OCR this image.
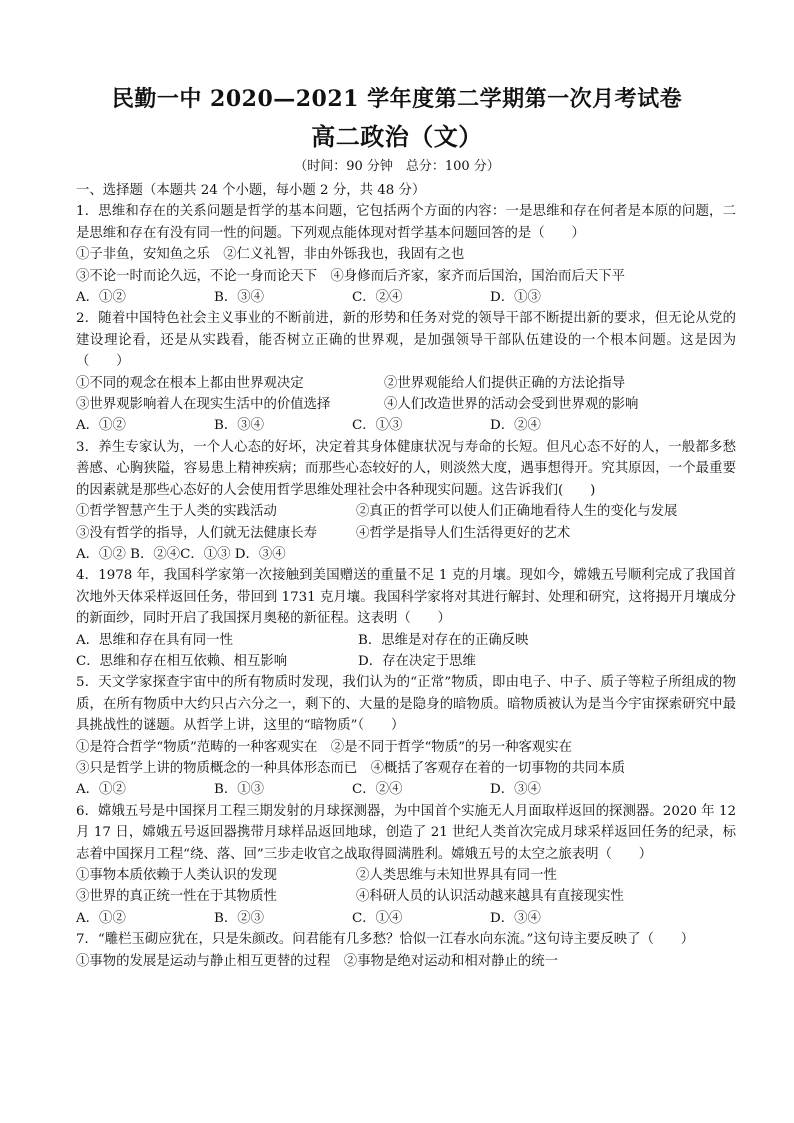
民勤一中 2020—2021 学年度第二学期第一次月考试卷
高二政治（文）
（时间：90 分钟　总分：100 分）
一、选择题（本题共 24 个小题，每小题 2 分，共 48 分）
1．思维和存在的关系问题是哲学的基本问题，它包括两个方面的内容：一是思维和存在何者是本原的问题，二是思维和存在有没有同一性的问题。下列观点能体现对哲学基本问题回答的是（　　）
①子非鱼，安知鱼之乐　②仁义礼智，非由外铄我也，我固有之也
③不论一时而论久远，不论一身而论天下　④身修而后齐家，家齐而后国治，国治而后天下平
A．①②	B．③④	C．②④	D．①③
2．随着中国特色社会主义事业的不断前进，新的形势和任务对党的领导干部不断提出新的要求，但无论从党的建设理论看，还是从实践看，能否树立正确的世界观，是加强领导干部队伍建设的一个根本问题。这是因为（　　）
①不同的观念在根本上都由世界观决定	②世界观能给人们提供正确的方法论指导
③世界观影响着人在现实生活中的价值选择	④人们改造世界的活动会受到世界观的影响
A．①②	B．③④	C．①③	D．②④
3．养生专家认为，一个人心态的好坏，决定着其身体健康状况与寿命的长短。但凡心态不好的人，一般都多愁善感、心胸狭隘，容易患上精神疾病；而那些心态较好的人，则淡然大度，遇事想得开。究其原因，一个最重要的因素就是那些心态好的人会使用哲学思维处理社会中各种现实问题。这告诉我们(　　)
①哲学智慧产生于人类的实践活动	②真正的哲学可以使人们正确地看待人生的变化与发展
③没有哲学的指导，人们就无法健康长寿	④哲学是指导人们生活得更好的艺术
A．①② B．②④C．①③ D．③④
4．1978 年，我国科学家第一次接触到美国赠送的重量不足 1 克的月壤。现如今，嫦娥五号顺利完成了我国首次地外天体采样返回任务，带回到 1731 克月壤。我国科学家将对其进行解封、处理和研究，这将揭开月壤成分的新面纱，同时开启了我国探月奥秘的新征程。这表明（　　）
A．思维和存在具有同一性	B．思维是对存在的正确反映
C．思维和存在相互依赖、相互影响	D．存在决定于思维
5．天文学家探查宇宙中的所有物质时发现，我们认为的“正常”物质，即由电子、中子、质子等粒子所组成的物质，在所有物质中大约只占六分之一，剩下的、大量的是隐身的暗物质。暗物质被认为是当今宇宙探索研究中最具挑战性的谜题。从哲学上讲，这里的“暗物质”（　　）
①是符合哲学“物质”范畴的一种客观实在　②是不同于哲学“物质”的另一种客观实在
③只是哲学上讲的物质概念的一种具体形态而已　④概括了客观存在着的一切事物的共同本质
A．①②	B．①③	C．②④	D．③④
6．嫦娥五号是中国探月工程三期发射的月球探测器，为中国首个实施无人月面取样返回的探测器。2020 年 12 月 17 日，嫦娥五号返回器携带月球样品返回地球，创造了 21 世纪人类首次完成月球采样返回任务的纪录，标志着中国探月工程“绕、落、回”三步走收官之战取得圆满胜利。嫦娥五号的太空之旅表明（　　）
①事物本质依赖于人类认识的发现	②人类思维与未知世界具有同一性
③世界的真正统一性在于其物质性	④科研人员的认识活动越来越具有直接现实性
A．①②	B．②③	C．①④	D．③④
7．“雕栏玉砌应犹在，只是朱颜改。问君能有几多愁？恰似一江春水向东流。”这句诗主要反映了（　　）
①事物的发展是运动与静止相互更替的过程　②事物是绝对运动和相对静止的统一
